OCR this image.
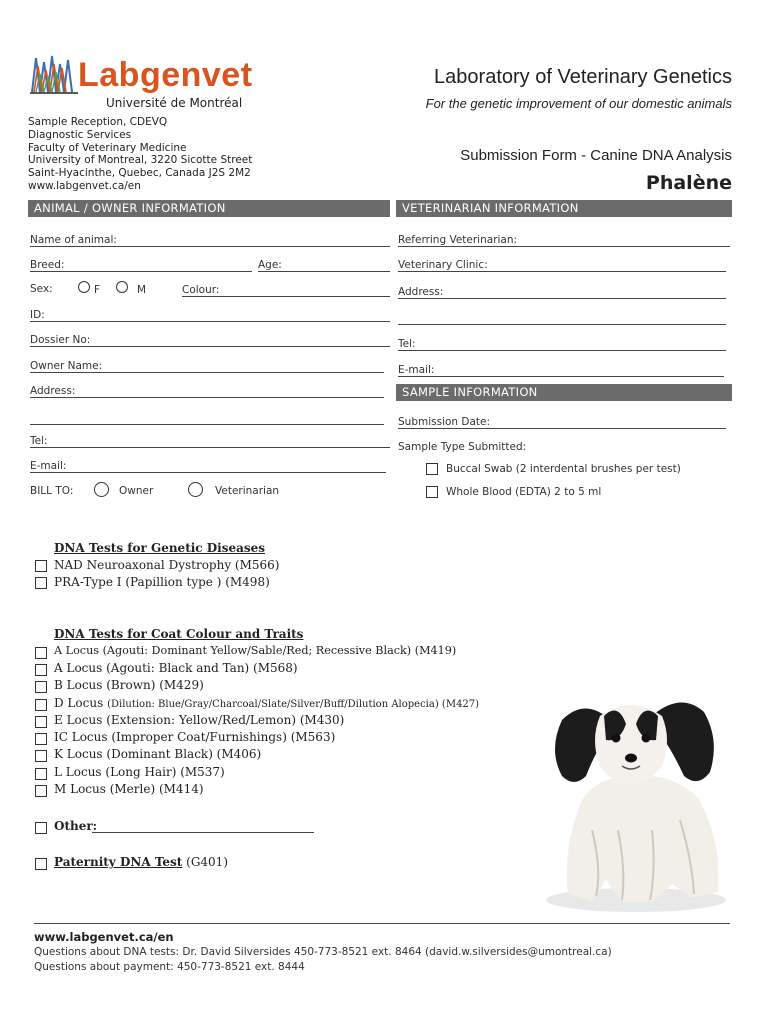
Labgenvet
Université de Montréal
Laboratory of Veterinary Genetics
For the genetic improvement of our domestic animals
Sample Reception, CDEVQ
Diagnostic Services
Faculty of Veterinary Medicine
University of Montreal, 3220 Sicotte Street
Saint-Hyacinthe, Quebec, Canada J2S 2M2
www.labgenvet.ca/en
Submission Form - Canine DNA Analysis
Phalène
ANIMAL / OWNER INFORMATION	VETERINARIAN INFORMATION
Name of animal:
Breed:	Age:
Sex:	F	M	Colour:
ID:
Dossier No:
Owner Name:
Address:
Tel:
E-mail:
BILL TO:	Owner	Veterinarian
Referring Veterinarian:
Veterinary Clinic:
Address:
Tel:
E-mail:
SAMPLE INFORMATION
Submission Date:
Sample Type Submitted:
Buccal Swab (2 interdental brushes per test)
Whole Blood (EDTA) 2 to 5 ml
DNA Tests for Genetic Diseases
NAD Neuroaxonal Dystrophy (M566)
PRA-Type I (Papillion type ) (M498)
DNA Tests for Coat Colour and Traits
A Locus (Agouti: Dominant Yellow/Sable/Red; Recessive Black) (M419)
A Locus (Agouti: Black and Tan) (M568)
B Locus (Brown) (M429)
D Locus (Dilution: Blue/Gray/Charcoal/Slate/Silver/Buff/Dilution Alopecia) (M427)
E Locus (Extension: Yellow/Red/Lemon) (M430)
IC Locus (Improper Coat/Furnishings) (M563)
K Locus (Dominant Black) (M406)
L Locus (Long Hair) (M537)
M Locus (Merle) (M414)
Other:
Paternity DNA Test (G401)
www.labgenvet.ca/en
Questions about DNA tests: Dr. David Silversides 450-773-8521 ext. 8464 (david.w.silversides@umontreal.ca)
Questions about payment: 450-773-8521 ext. 8444
